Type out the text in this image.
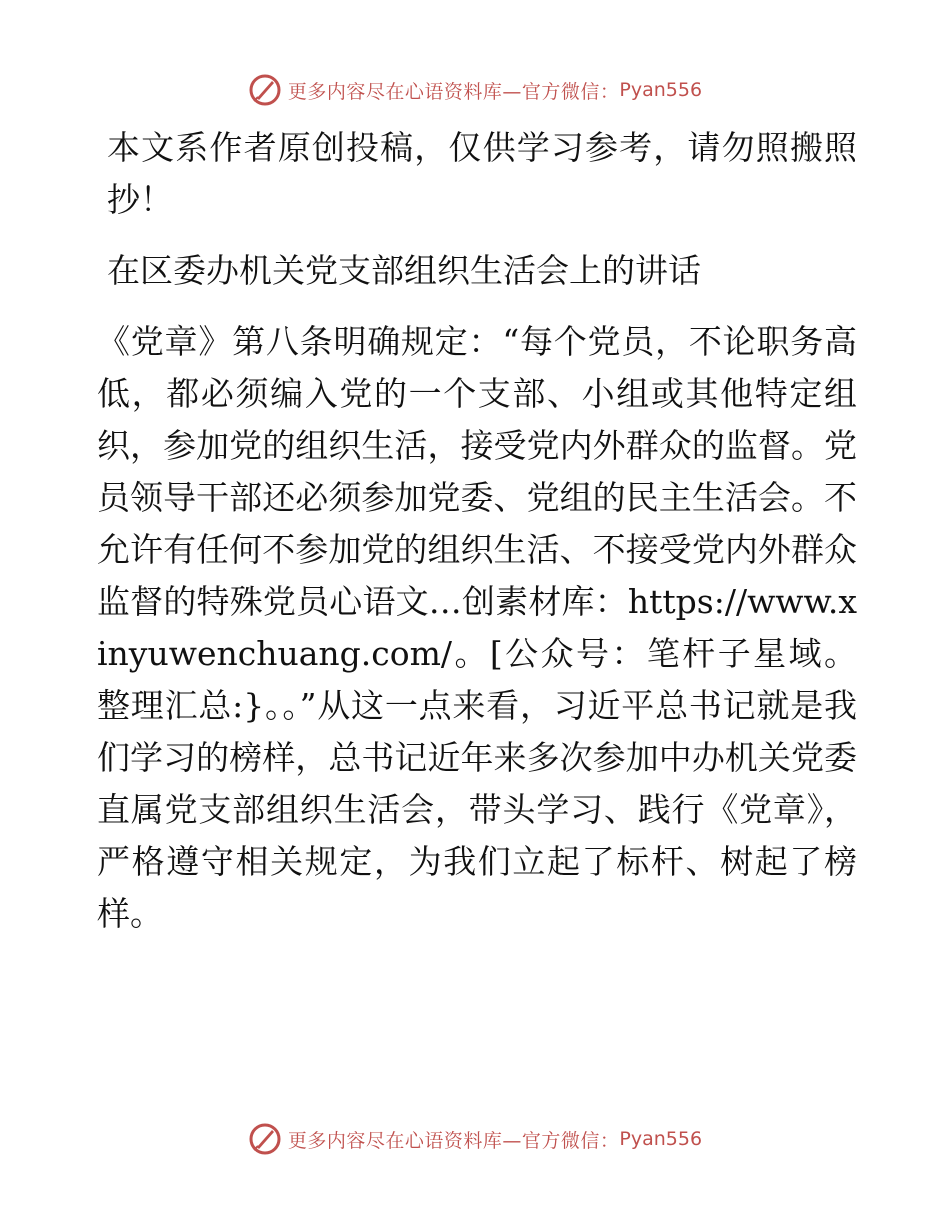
更多内容尽在心语资料库—官方微信： Pyan556

本文系作者原创投稿，仅供学习参考，请勿照搬照抄！

在区委办机关党支部组织生活会上的讲话

《党章》第八条明确规定：“每个党员，不论职务高低，都必须编入党的一个支部、小组或其他特定组织，参加党的组织生活，接受党内外群众的监督。党员领导干部还必须参加党委、党组的民主生活会。不允许有任何不参加党的组织生活、不接受党内外群众监督的特殊党员心语文…创素材库：https://www.xinyuwenchuang.com/。[公众号：笔杆子星域。整理汇总:}。。”从这一点来看，习近平总书记就是我们学习的榜样，总书记近年来多次参加中办机关党委直属党支部组织生活会，带头学习、践行《党章》，严格遵守相关规定，为我们立起了标杆、树起了榜样。

更多内容尽在心语资料库—官方微信： Pyan556
